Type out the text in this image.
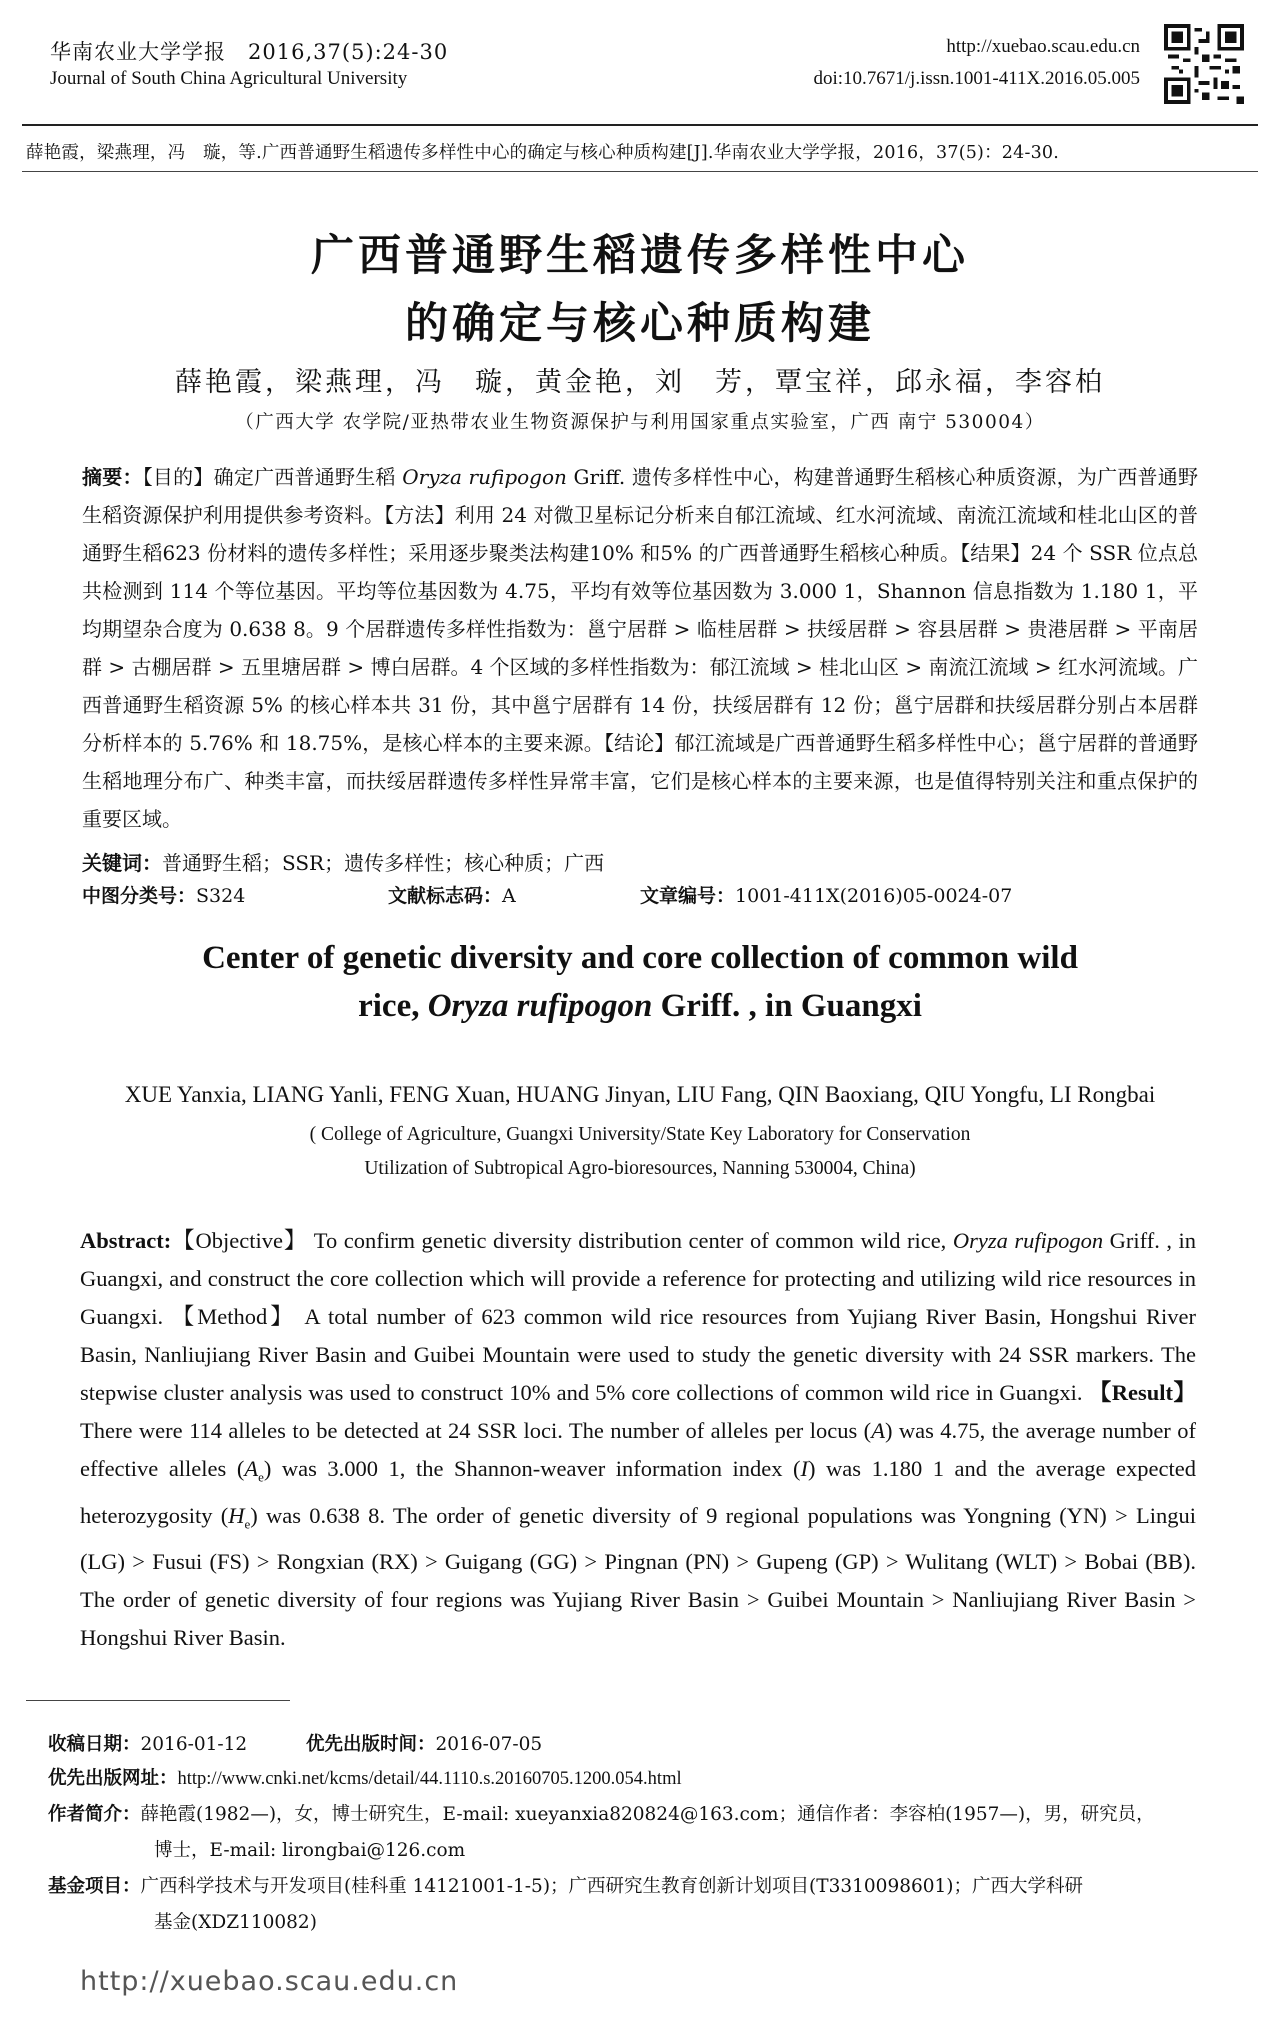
华南农业大学学报　2016,37(5):24-30
Journal of South China Agricultural University
http://xuebao.scau.edu.cn
doi:10.7671/j.issn.1001-411X.2016.05.005
薛艳霞，梁燕理，冯　璇，等.广西普通野生稻遗传多样性中心的确定与核心种质构建[J].华南农业大学学报，2016，37(5)：24-30.
广西普通野生稻遗传多样性中心
的确定与核心种质构建
薛艳霞，梁燕理，冯　璇，黄金艳，刘　芳，覃宝祥，邱永福，李容柏
（广西大学 农学院/亚热带农业生物资源保护与利用国家重点实验室，广西 南宁 530004）
摘要：【目的】确定广西普通野生稻 Oryza rufipogon Griff. 遗传多样性中心，构建普通野生稻核心种质资源，为广西普通野生稻资源保护利用提供参考资料。【方法】利用 24 对微卫星标记分析来自郁江流域、红水河流域、南流江流域和桂北山区的普通野生稻623 份材料的遗传多样性；采用逐步聚类法构建10% 和5% 的广西普通野生稻核心种质。【结果】24 个 SSR 位点总共检测到 114 个等位基因。平均等位基因数为 4.75，平均有效等位基因数为 3.000 1，Shannon 信息指数为 1.180 1，平均期望杂合度为 0.638 8。9 个居群遗传多样性指数为：邕宁居群 > 临桂居群 > 扶绥居群 > 容县居群 > 贵港居群 > 平南居群 > 古棚居群 > 五里塘居群 > 博白居群。4 个区域的多样性指数为：郁江流域 > 桂北山区 > 南流江流域 > 红水河流域。广西普通野生稻资源 5% 的核心样本共 31 份，其中邕宁居群有 14 份，扶绥居群有 12 份；邕宁居群和扶绥居群分别占本居群分析样本的 5.76% 和 18.75%，是核心样本的主要来源。【结论】郁江流域是广西普通野生稻多样性中心；邕宁居群的普通野生稻地理分布广、种类丰富，而扶绥居群遗传多样性异常丰富，它们是核心样本的主要来源，也是值得特别关注和重点保护的重要区域。
关键词：普通野生稻；SSR；遗传多样性；核心种质；广西
中图分类号：S324	文献标志码：A	文章编号：1001-411X(2016)05-0024-07
Center of genetic diversity and core collection of common wild
rice, Oryza rufipogon Griff. , in Guangxi
XUE Yanxia, LIANG Yanli, FENG Xuan, HUANG Jinyan, LIU Fang, QIN Baoxiang, QIU Yongfu, LI Rongbai
( College of Agriculture, Guangxi University/State Key Laboratory for Conservation
Utilization of Subtropical Agro-bioresources, Nanning 530004, China)
Abstract:【Objective】 To confirm genetic diversity distribution center of common wild rice, Oryza rufipogon Griff. , in Guangxi, and construct the core collection which will provide a reference for protecting and utilizing wild rice resources in Guangxi. 【Method】 A total number of 623 common wild rice resources from Yujiang River Basin, Hongshui River Basin, Nanliujiang River Basin and Guibei Mountain were used to study the genetic diversity with 24 SSR markers. The stepwise cluster analysis was used to construct 10% and 5% core collections of common wild rice in Guangxi. 【Result】There were 114 alleles to be detected at 24 SSR loci. The number of alleles per locus (A) was 4.75, the average number of effective alleles $(A_e)$ was 3.000 1, the Shannon-weaver information index (I) was 1.180 1 and the average expected heterozygosity $(H_e)$ was 0.638 8. The order of genetic diversity of 9 regional populations was Yongning (YN) > Lingui (LG) > Fusui (FS) > Rongxian (RX) > Guigang (GG) > Pingnan (PN) > Gupeng (GP) > Wulitang (WLT) > Bobai (BB). The order of genetic diversity of four regions was Yujiang River Basin > Guibei Mountain > Nanliujiang River Basin > Hongshui River Basin.
收稿日期：2016-01-12	优先出版时间：2016-07-05
优先出版网址：http://www.cnki.net/kcms/detail/44.1110.s.20160705.1200.054.html
作者简介：薛艳霞(1982—)，女，博士研究生，E-mail: xueyanxia820824@163.com；通信作者：李容柏(1957—)，男，研究员，
博士，E-mail: lirongbai@126.com
基金项目：广西科学技术与开发项目(桂科重 14121001-1-5)；广西研究生教育创新计划项目(T3310098601)；广西大学科研
基金(XDZ110082)
http://xuebao.scau.edu.cn
